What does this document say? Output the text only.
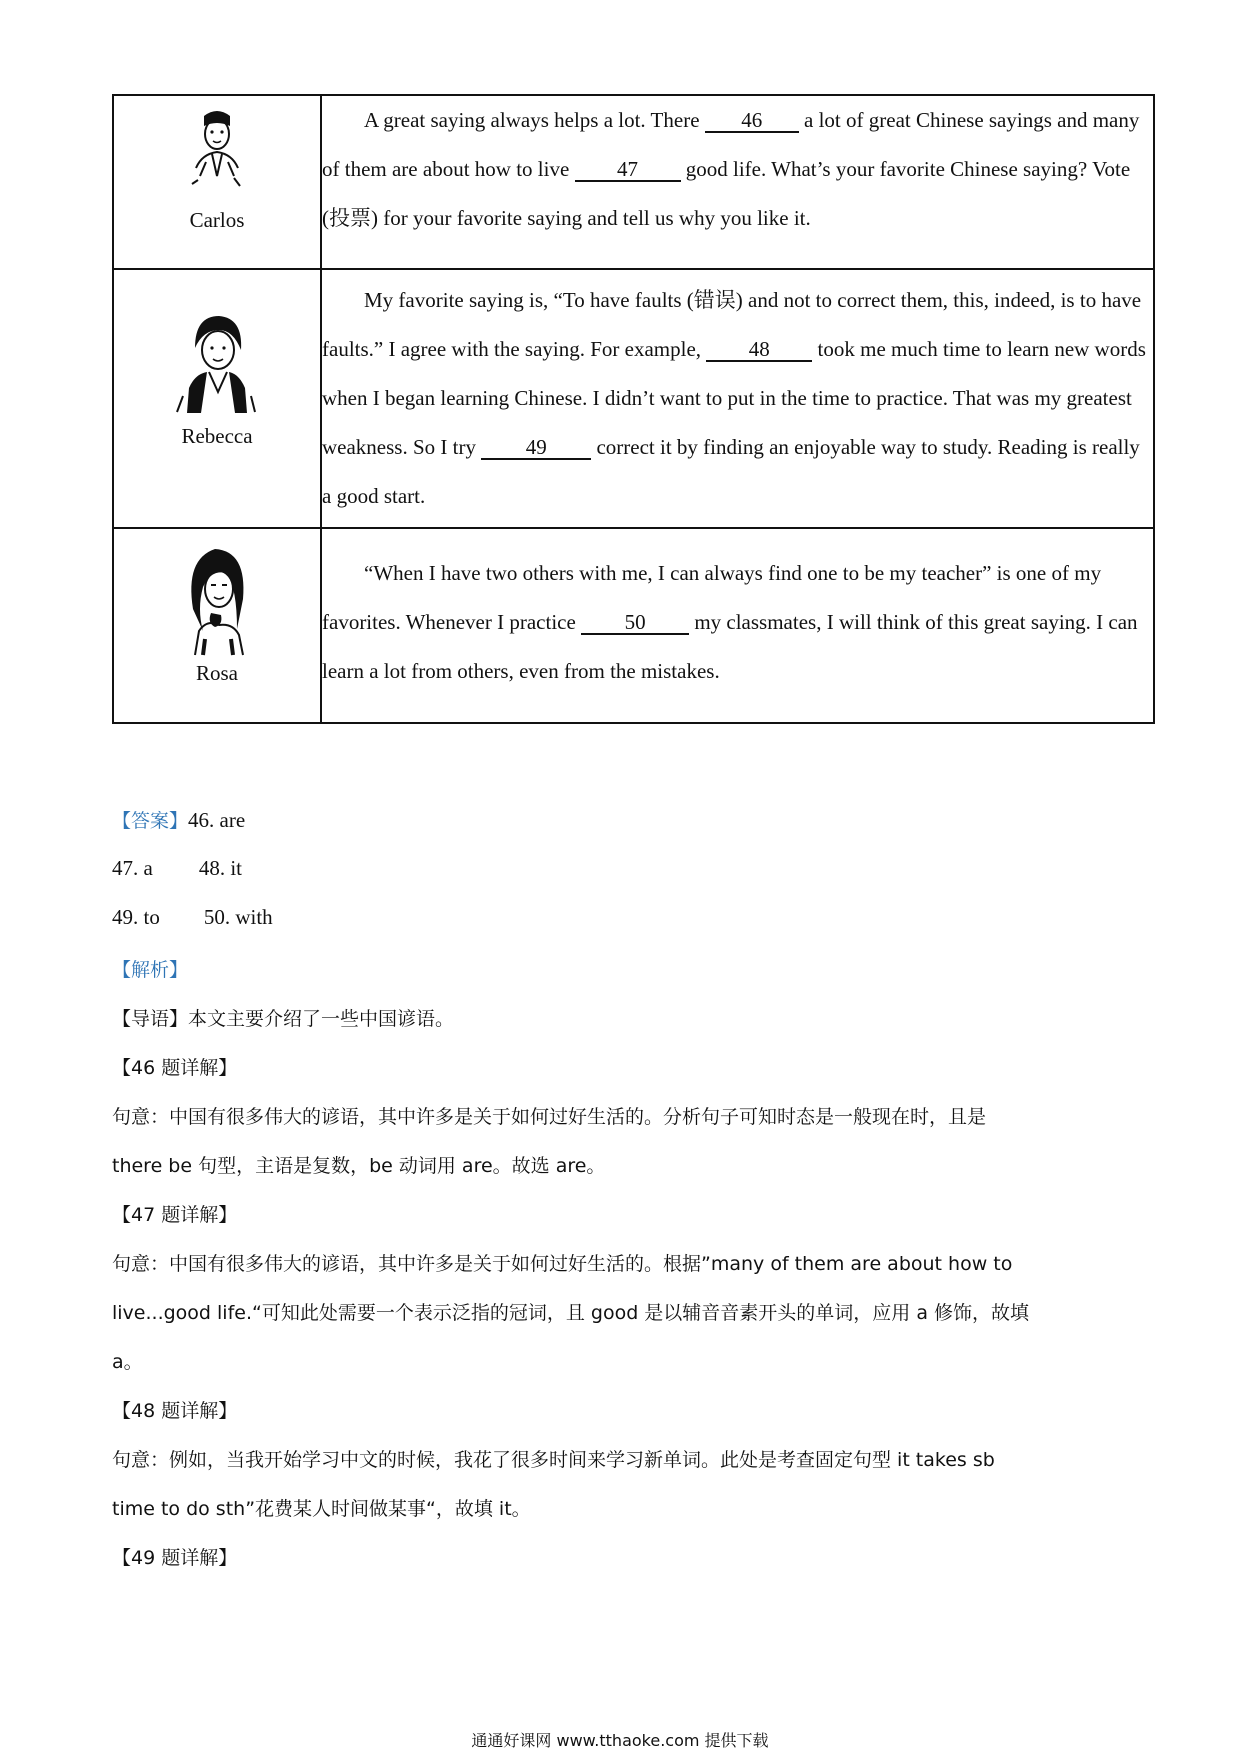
Carlos	A great saying always helps a lot. There 46 a lot of great Chinese sayings and many of them are about how to live 47 good life. What’s your favorite Chinese saying? Vote (投票) for your favorite saying and tell us why you like it.

Rebecca	My favorite saying is, “To have faults (错误) and not to correct them, this, indeed, is to have faults.” I agree with the saying. For example, 48 took me much time to learn new words when I began learning Chinese. I didn’t want to put in the time to practice. That was my greatest weakness. So I try 49 correct it by finding an enjoyable way to study. Reading is really a good start.

Rosa	“When I have two others with me, I can always find one to be my teacher” is one of my favorites. Whenever I practice 50 my classmates, I will think of this great saying. I can learn a lot from others, even from the mistakes.

【答案】46. are
47. a 48. it
49. to 50. with
【解析】
【导语】本文主要介绍了一些中国谚语。
【46 题详解】
句意：中国有很多伟大的谚语，其中许多是关于如何过好生活的。分析句子可知时态是一般现在时，且是
there be 句型，主语是复数，be 动词用 are。故选 are。
【47 题详解】
句意：中国有很多伟大的谚语，其中许多是关于如何过好生活的。根据”many of them are about how to
live...good life.“可知此处需要一个表示泛指的冠词，且 good 是以辅音音素开头的单词，应用 a 修饰，故填
a。
【48 题详解】
句意：例如，当我开始学习中文的时候，我花了很多时间来学习新单词。此处是考查固定句型 it takes sb
time to do sth”花费某人时间做某事“，故填 it。
【49 题详解】
通通好课网 www.tthaoke.com 提供下载
